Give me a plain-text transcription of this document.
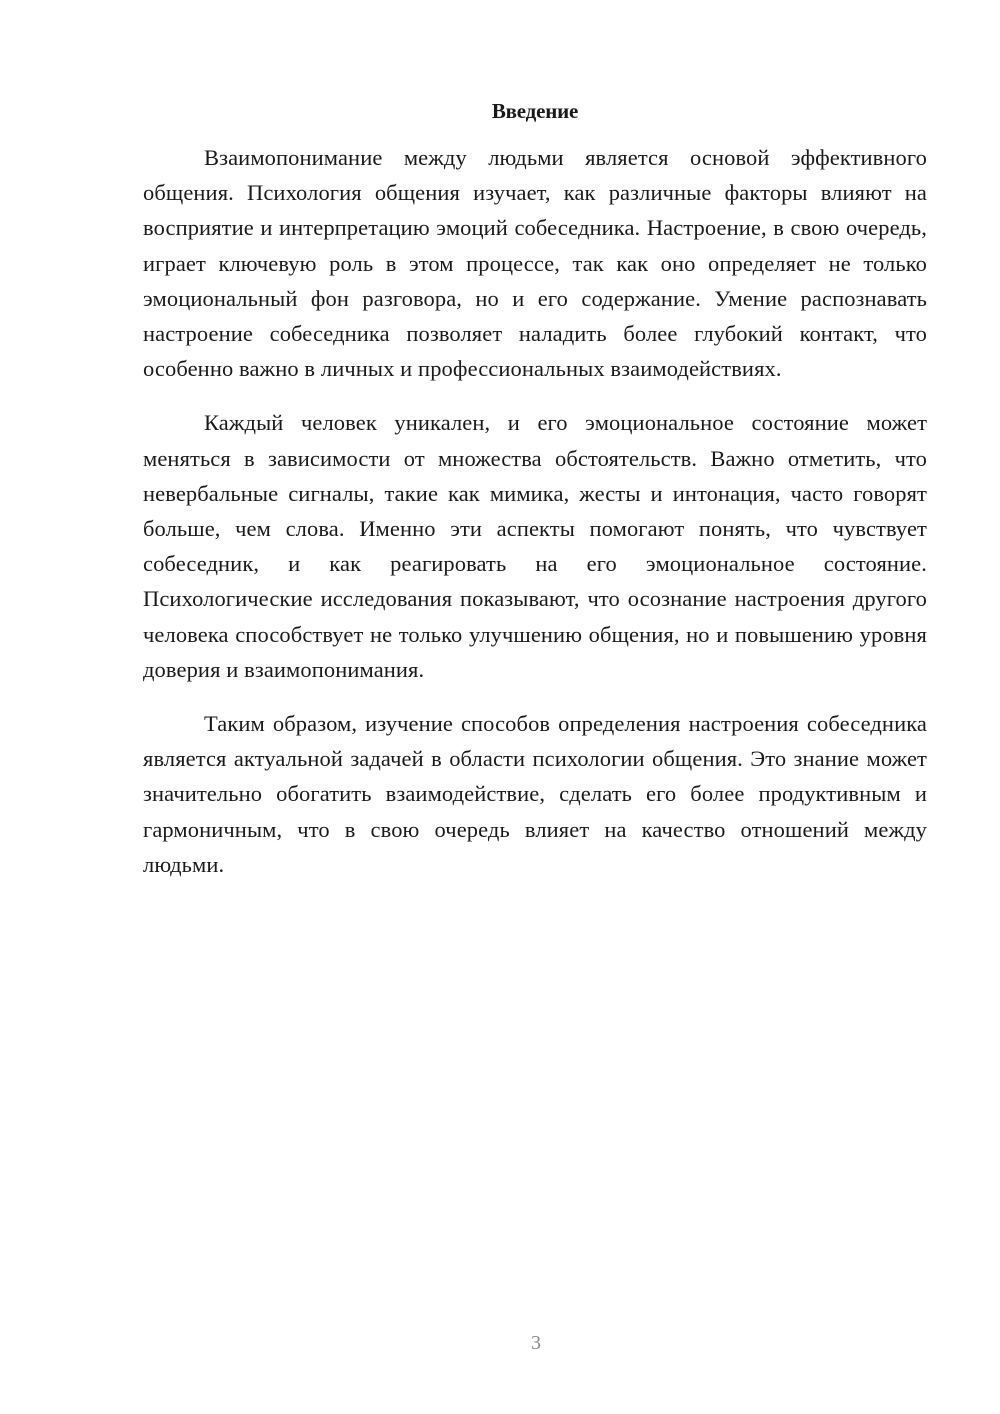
Введение

Взаимопонимание между людьми является основой эффективного общения. Психология общения изучает, как различные факторы влияют на восприятие и интерпретацию эмоций собеседника. Настроение, в свою очередь, играет ключевую роль в этом процессе, так как оно определяет не только эмоциональный фон разговора, но и его содержание. Умение распознавать настроение собеседника позволяет наладить более глубокий контакт, что особенно важно в личных и профессиональных взаимодействиях.

Каждый человек уникален, и его эмоциональное состояние может меняться в зависимости от множества обстоятельств. Важно отметить, что невербальные сигналы, такие как мимика, жесты и интонация, часто говорят больше, чем слова. Именно эти аспекты помогают понять, что чувствует собеседник, и как реагировать на его эмоциональное состояние. Психологические исследования показывают, что осознание настроения другого человека способствует не только улучшению общения, но и повышению уровня доверия и взаимопонимания.

Таким образом, изучение способов определения настроения собеседника является актуальной задачей в области психологии общения. Это знание может значительно обогатить взаимодействие, сделать его более продуктивным и гармоничным, что в свою очередь влияет на качество отношений между людьми.

3
